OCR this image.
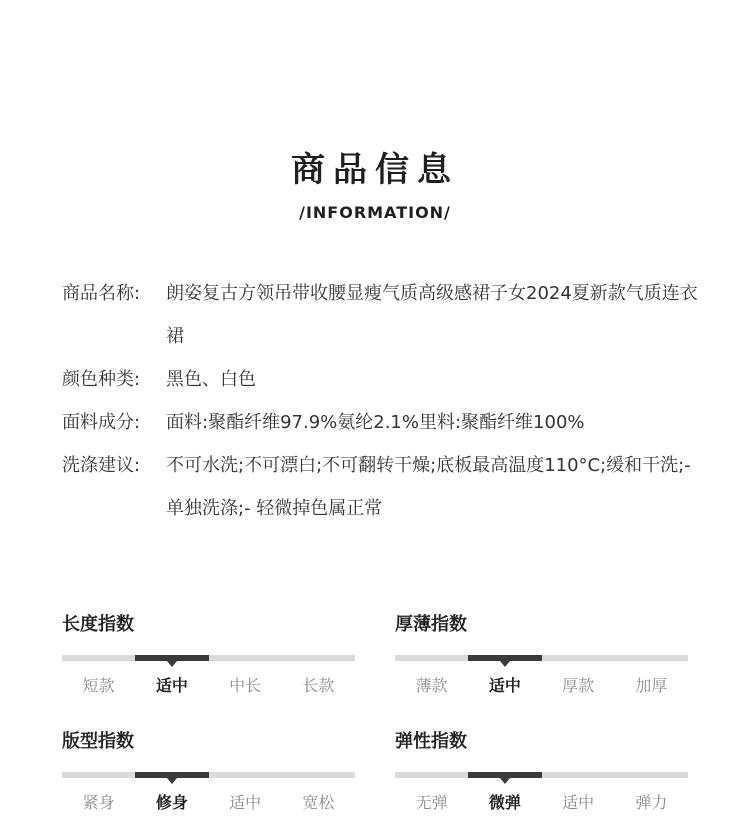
商品信息
/INFORMATION/
商品名称:	朗姿复古方领吊带收腰显瘦气质高级感裙子女2024夏新款气质连衣裙
颜色种类:	黑色、白色
面料成分:	面料:聚酯纤维97.9%氨纶2.1%里料:聚酯纤维100%
洗涤建议:	不可水洗;不可漂白;不可翻转干燥;底板最高温度110°C;缓和干洗;- 单独洗涤;- 轻微掉色属正常
长度指数
短款	适中	中长	长款
厚薄指数
薄款	适中	厚款	加厚
版型指数
紧身	修身	适中	宽松
弹性指数
无弹	微弹	适中	弹力
